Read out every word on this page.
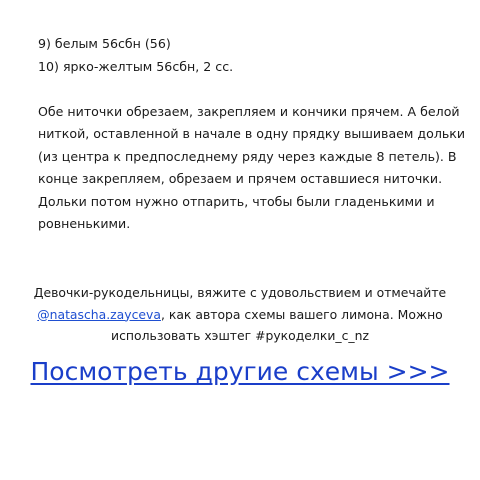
9) белым 56сбн (56)
10) ярко-желтым 56сбн, 2 сс.

Обе ниточки обрезаем, закрепляем и кончики прячем. А белой
ниткой, оставленной в начале в одну прядку вышиваем дольки
(из центра к предпоследнему ряду через каждые 8 петель). В
конце закрепляем, обрезаем и прячем оставшиеся ниточки.
Дольки потом нужно отпарить, чтобы были гладенькими и
ровненькими.

Девочки-рукодельницы, вяжите с удовольствием и отмечайте
@natascha.zayceva, как автора схемы вашего лимона. Можно
использовать хэштег #рукоделки_с_nz
Посмотреть другие схемы >>>
